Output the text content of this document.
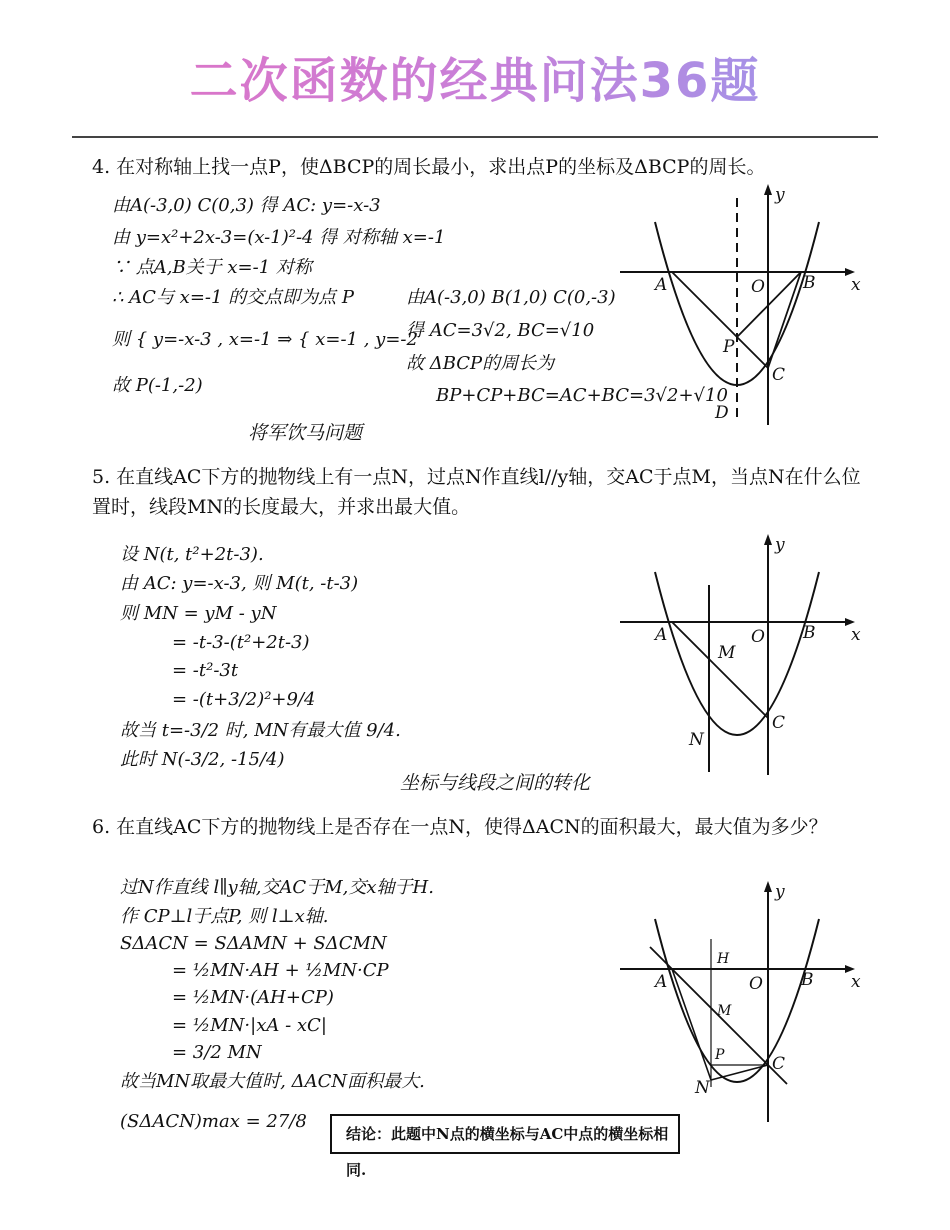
二次函数的经典问法36题
4. 在对称轴上找一点P，使ΔBCP的周长最小，求出点P的坐标及ΔBCP的周长。
由A(-3,0) C(0,3) 得 AC: y=-x-3
由 y=x²+2x-3=(x-1)²-4 得 对称轴 x=-1
∵ 点A,B关于 x=-1 对称
∴ AC与 x=-1 的交点即为点 P
则 { y=-x-3 , x=-1 ⇒ { x=-1 , y=-2
故 P(-1,-2)
由A(-3,0) B(1,0) C(0,-3)
得 AC=3√2, BC=√10
故 ΔBCP的周长为
BP+CP+BC=AC+BC=3√2+√10
将军饮马问题
A	O B
P
C
D
y
x
5. 在直线AC下方的抛物线上有一点N，过点N作直线l//y轴，交AC于点M，当点N在什么位置时，线段MN的长度最大，并求出最大值。
设 N(t, t²+2t-3).
由 AC: y=-x-3, 则 M(t, -t-3)
则 MN = yM - yN
= -t-3-(t²+2t-3)
= -t²-3t
= -(t+3/2)²+9/4
故当 t=-3/2 时, MN有最大值 9/4.
此时 N(-3/2, -15/4)
坐标与线段之间的转化
A	O B
M
C
N
y
x
6. 在直线AC下方的抛物线上是否存在一点N，使得ΔACN的面积最大，最大值为多少？
过N作直线 l∥y轴,交AC于M,交x轴于H.
作 CP⊥l于点P, 则 l⊥x轴.
SΔACN = SΔAMN + SΔCMN
= ½MN·AH + ½MN·CP
= ½MN·(AH+CP)
= ½MN·|xA - xC|
= 3/2 MN
故当MN取最大值时, ΔACN面积最大.
(SΔACN)max = 27/8
结论：此题中N点的横坐标与AC中点的横坐标相同.
H
A	O B
M
P	C
N
y
x
